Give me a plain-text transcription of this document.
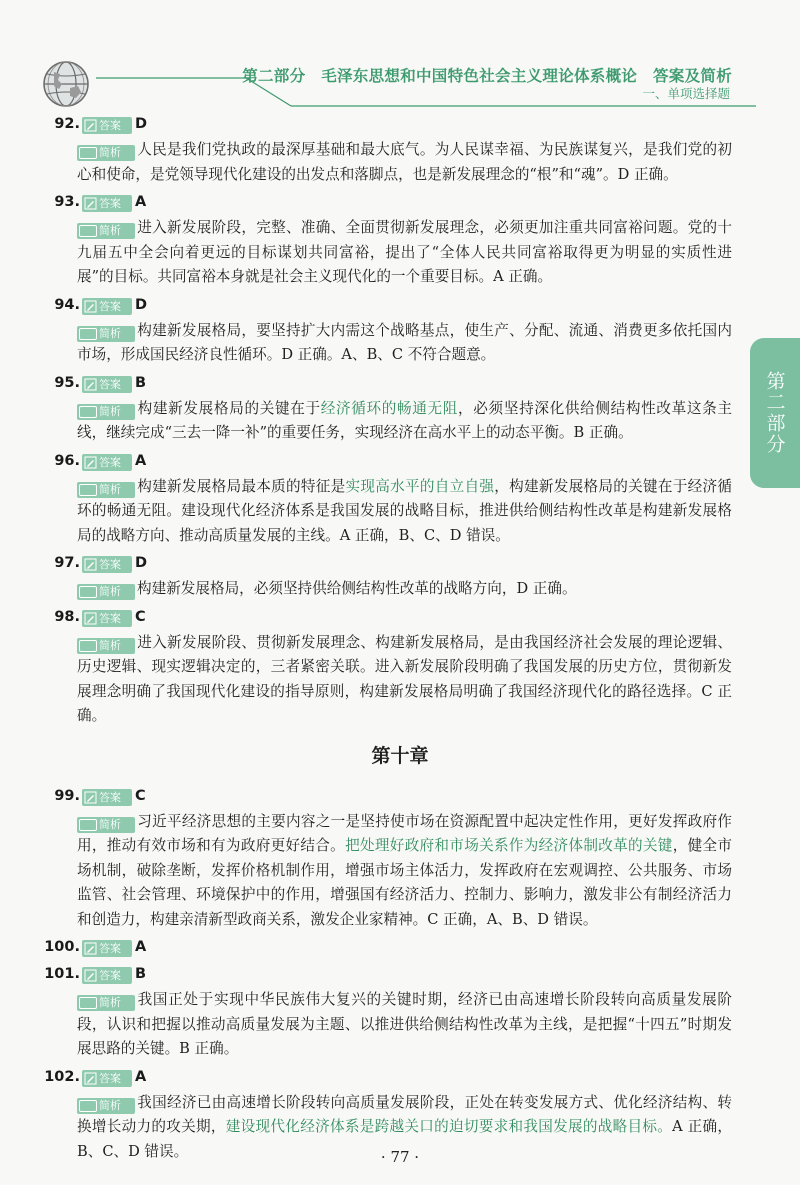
第二部分　毛泽东思想和中国特色社会主义理论体系概论　答案及简析
一、单项选择题
第二部分
92. 答案 D
简析 人民是我们党执政的最深厚基础和最大底气。为人民谋幸福、为民族谋复兴，是我们党的初心和使命，是党领导现代化建设的出发点和落脚点，也是新发展理念的“根”和“魂”。D 正确。
93. 答案 A
简析 进入新发展阶段，完整、准确、全面贯彻新发展理念，必须更加注重共同富裕问题。党的十九届五中全会向着更远的目标谋划共同富裕，提出了“全体人民共同富裕取得更为明显的实质性进展”的目标。共同富裕本身就是社会主义现代化的一个重要目标。A 正确。
94. 答案 D
简析 构建新发展格局，要坚持扩大内需这个战略基点，使生产、分配、流通、消费更多依托国内市场，形成国民经济良性循环。D 正确。A、B、C 不符合题意。
95. 答案 B
简析 构建新发展格局的关键在于经济循环的畅通无阻，必须坚持深化供给侧结构性改革这条主线，继续完成“三去一降一补”的重要任务，实现经济在高水平上的动态平衡。B 正确。
96. 答案 A
简析 构建新发展格局最本质的特征是实现高水平的自立自强，构建新发展格局的关键在于经济循环的畅通无阻。建设现代化经济体系是我国发展的战略目标，推进供给侧结构性改革是构建新发展格局的战略方向、推动高质量发展的主线。A 正确，B、C、D 错误。
97. 答案 D
简析 构建新发展格局，必须坚持供给侧结构性改革的战略方向，D 正确。
98. 答案 C
简析 进入新发展阶段、贯彻新发展理念、构建新发展格局，是由我国经济社会发展的理论逻辑、历史逻辑、现实逻辑决定的，三者紧密关联。进入新发展阶段明确了我国发展的历史方位，贯彻新发展理念明确了我国现代化建设的指导原则，构建新发展格局明确了我国经济现代化的路径选择。C 正确。
第十章
99. 答案 C
简析 习近平经济思想的主要内容之一是坚持使市场在资源配置中起决定性作用，更好发挥政府作用，推动有效市场和有为政府更好结合。把处理好政府和市场关系作为经济体制改革的关键，健全市场机制，破除垄断，发挥价格机制作用，增强市场主体活力，发挥政府在宏观调控、公共服务、市场监管、社会管理、环境保护中的作用，增强国有经济活力、控制力、影响力，激发非公有制经济活力和创造力，构建亲清新型政商关系，激发企业家精神。C 正确，A、B、D 错误。
100. 答案 A
101. 答案 B
简析 我国正处于实现中华民族伟大复兴的关键时期，经济已由高速增长阶段转向高质量发展阶段，认识和把握以推动高质量发展为主题、以推进供给侧结构性改革为主线，是把握“十四五”时期发展思路的关键。B 正确。
102. 答案 A
简析 我国经济已由高速增长阶段转向高质量发展阶段，正处在转变发展方式、优化经济结构、转换增长动力的攻关期，建设现代化经济体系是跨越关口的迫切要求和我国发展的战略目标。A 正确，B、C、D 错误。	· 77 ·
